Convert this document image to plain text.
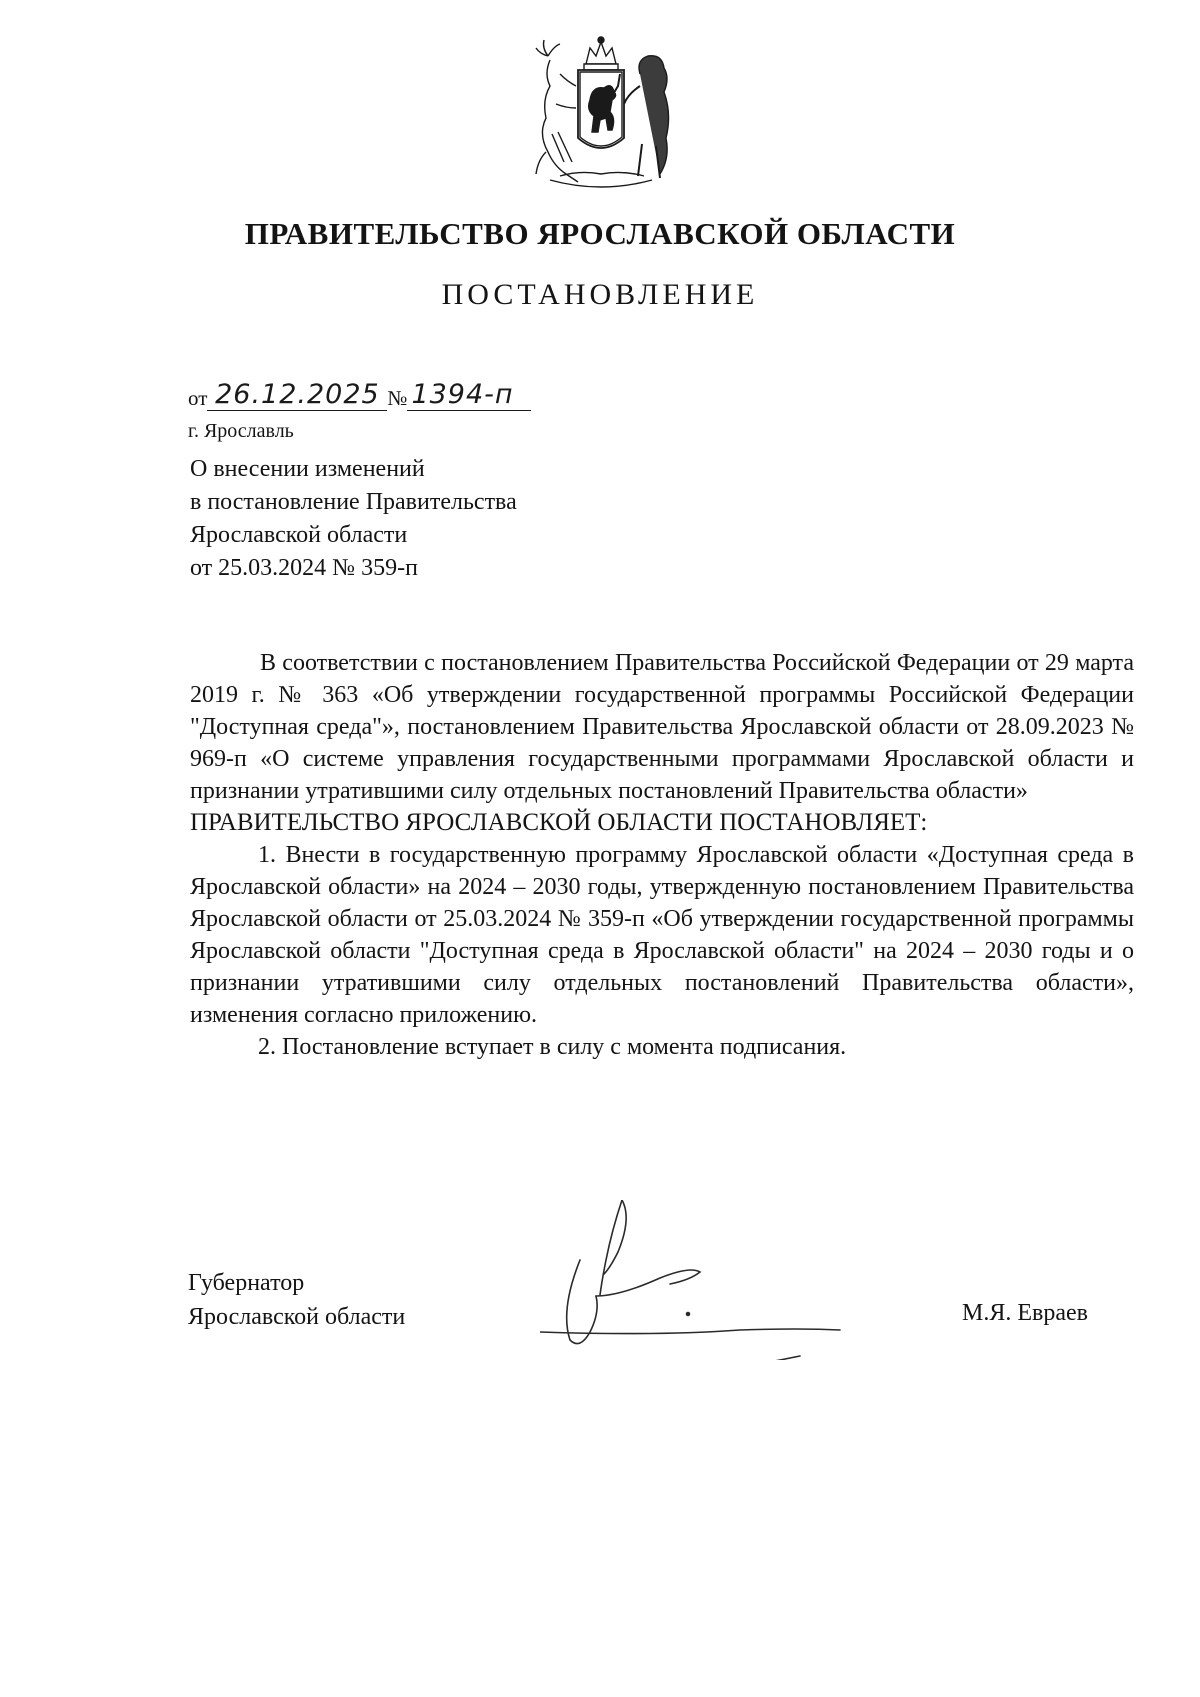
ПРАВИТЕЛЬСТВО ЯРОСЛАВСКОЙ ОБЛАСТИ
ПОСТАНОВЛЕНИЕ
от 26.12.2025 № 1394-п
г. Ярославль
О внесении изменений
в постановление Правительства
Ярославской области
от 25.03.2024 № 359-п

В соответствии с постановлением Правительства Российской Федерации от 29 марта 2019 г. № 363 «Об утверждении государственной программы Российской Федерации "Доступная среда"», постановлением Правительства Ярославской области от 28.09.2023 № 969-п «О системе управления государственными программами Ярославской области и признании утратившими силу отдельных постановлений Правительства области»

ПРАВИТЕЛЬСТВО ЯРОСЛАВСКОЙ ОБЛАСТИ ПОСТАНОВЛЯЕТ:

1. Внести в государственную программу Ярославской области «Доступная среда в Ярославской области» на 2024 – 2030 годы, утвержденную постановлением Правительства Ярославской области от 25.03.2024 № 359-п «Об утверждении государственной программы Ярославской области "Доступная среда в Ярославской области" на 2024 – 2030 годы и о признании утратившими силу отдельных постановлений Правительства области», изменения согласно приложению.

2. Постановление вступает в силу с момента подписания.

Губернатор
Ярославской области	М.Я. Евраев
